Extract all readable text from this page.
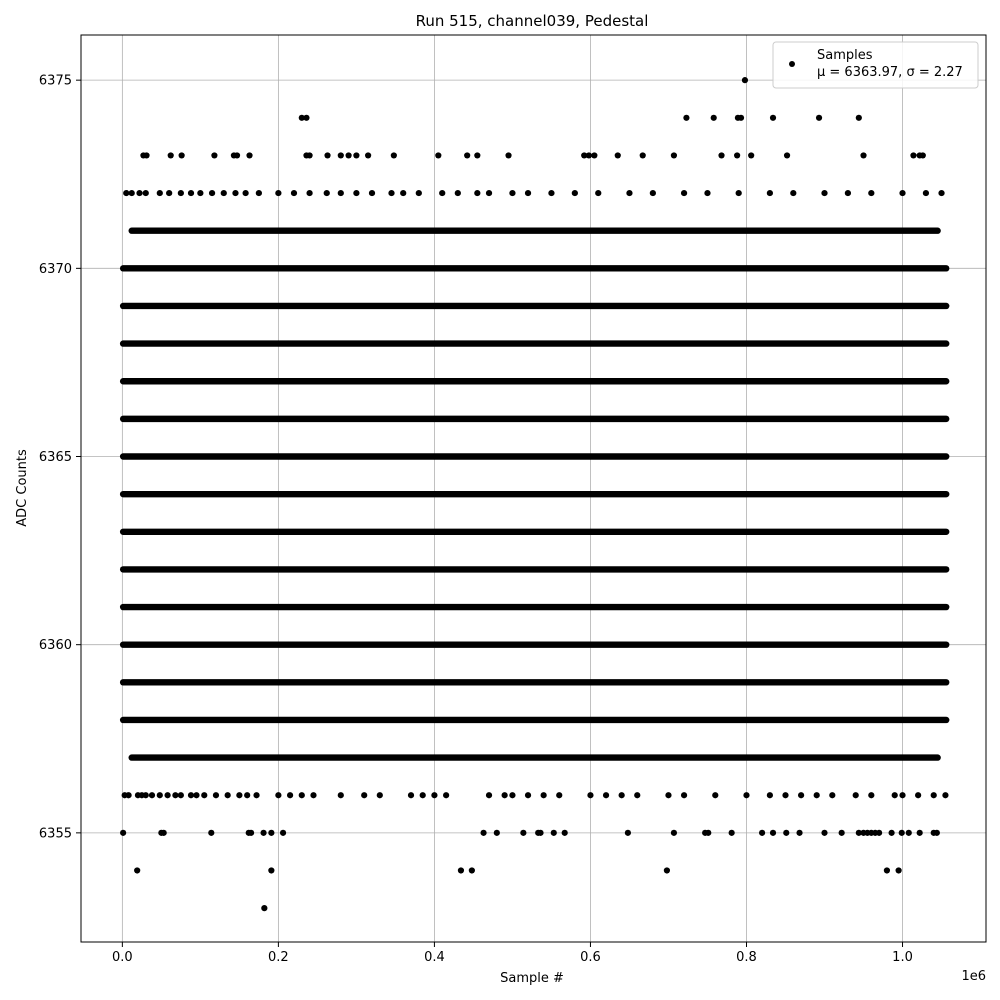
Run 515, channel039, Pedestal
0.0	0.2	0.4	0.6	0.8	1.0
6355
6360
6365
6370
6375
1e6
Sample #
ADC Counts
Samples
μ = 6363.97, σ = 2.27
